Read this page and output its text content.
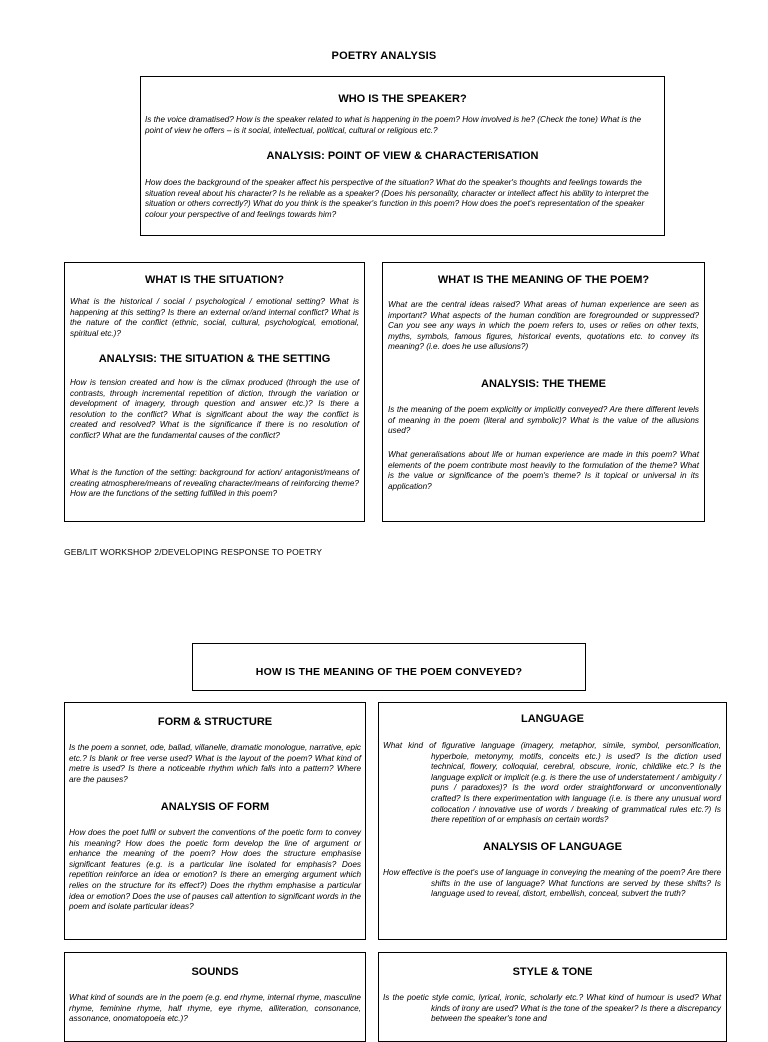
POETRY ANALYSIS
WHO IS THE SPEAKER?

Is the voice dramatised? How is the speaker related to what is happening in the poem? How involved is he? (Check the tone) What is the point of view he offers – is it social, intellectual, political, cultural or religious etc.?

ANALYSIS: POINT OF VIEW & CHARACTERISATION

How does the background of the speaker affect his perspective of the situation? What do the speaker's thoughts and feelings towards the situation reveal about his character? Is he reliable as a speaker? (Does his personality, character or intellect affect his ability to interpret the situation or others correctly?) What do you think is the speaker's function in this poem? How does the poet's representation of the speaker colour your perspective of and feelings towards him?

WHAT IS THE SITUATION?

What is the historical / social / psychological / emotional setting? What is happening at this setting? Is there an external or/and internal conflict? What is the nature of the conflict (ethnic, social, cultural, psychological, emotional, spiritual etc.)?

ANALYSIS: THE SITUATION & THE SETTING

How is tension created and how is the climax produced (through the use of contrasts, through incremental repetition of diction, through the variation or development of imagery, through question and answer etc.)? Is there a resolution to the conflict? What is significant about the way the conflict is created and resolved? What is the significance if there is no resolution of conflict? What are the fundamental causes of the conflict?

What is the function of the setting: background for action/ antagonist/means of creating atmosphere/means of revealing character/means of reinforcing theme? How are the functions of the setting fulfilled in this poem?

WHAT IS THE MEANING OF THE POEM?

What are the central ideas raised? What areas of human experience are seen as important? What aspects of the human condition are foregrounded or suppressed? Can you see any ways in which the poem refers to, uses or relies on other texts, myths, symbols, famous figures, historical events, quotations etc. to convey its meaning? (i.e. does he use allusions?)

ANALYSIS: THE THEME

Is the meaning of the poem explicitly or implicitly conveyed? Are there different levels of meaning in the poem (literal and symbolic)? What is the value of the allusions used?

What generalisations about life or human experience are made in this poem? What elements of the poem contribute most heavily to the formulation of the theme? What is the value or significance of the poem's theme? Is it topical or universal in its application?

GEB/LIT WORKSHOP 2/DEVELOPING RESPONSE TO POETRY
HOW IS THE MEANING OF THE POEM CONVEYED?
FORM & STRUCTURE

Is the poem a sonnet, ode, ballad, villanelle, dramatic monologue, narrative, epic etc.? Is blank or free verse used? What is the layout of the poem? What kind of metre is used? Is there a noticeable rhythm which falls into a pattern? Where are the pauses?

ANALYSIS OF FORM

How does the poet fulfil or subvert the conventions of the poetic form to convey his meaning? How does the poetic form develop the line of argument or enhance the meaning of the poem? How does the structure emphasise significant features (e.g. is a particular line isolated for emphasis? Does repetition reinforce an idea or emotion? Is there an emerging argument which relies on the structure for its effect?) Does the rhythm emphasise a particular idea or emotion? Does the use of pauses call attention to significant words in the poem and isolate particular ideas?

LANGUAGE

What kind of figurative language (imagery, metaphor, simile, symbol, personification, hyperbole, metonymy, motifs, conceits etc.) is used? Is the diction used technical, flowery, colloquial, cerebral, obscure, ironic, childlike etc.? Is the language explicit or implicit (e.g. is there the use of understatement / ambiguity / puns / paradoxes)? Is the word order straightforward or unconventionally crafted? Is there experimentation with language (i.e. is there any unusual word collocation / innovative use of words / breaking of grammatical rules etc.?) Is there repetition of or emphasis on certain words?

ANALYSIS OF LANGUAGE

How effective is the poet's use of language in conveying the meaning of the poem? Are there shifts in the use of language? What functions are served by these shifts? Is language used to reveal, distort, embellish, conceal, subvert the truth?

SOUNDS

What kind of sounds are in the poem (e.g. end rhyme, internal rhyme, masculine rhyme, feminine rhyme, half rhyme, eye rhyme, alliteration, consonance, assonance, onomatopoeia etc.)?

STYLE & TONE

Is the poetic style comic, lyrical, ironic, scholarly etc.? What kind of humour is used? What kinds of irony are used? What is the tone of the speaker? Is there a discrepancy between the speaker's tone and
